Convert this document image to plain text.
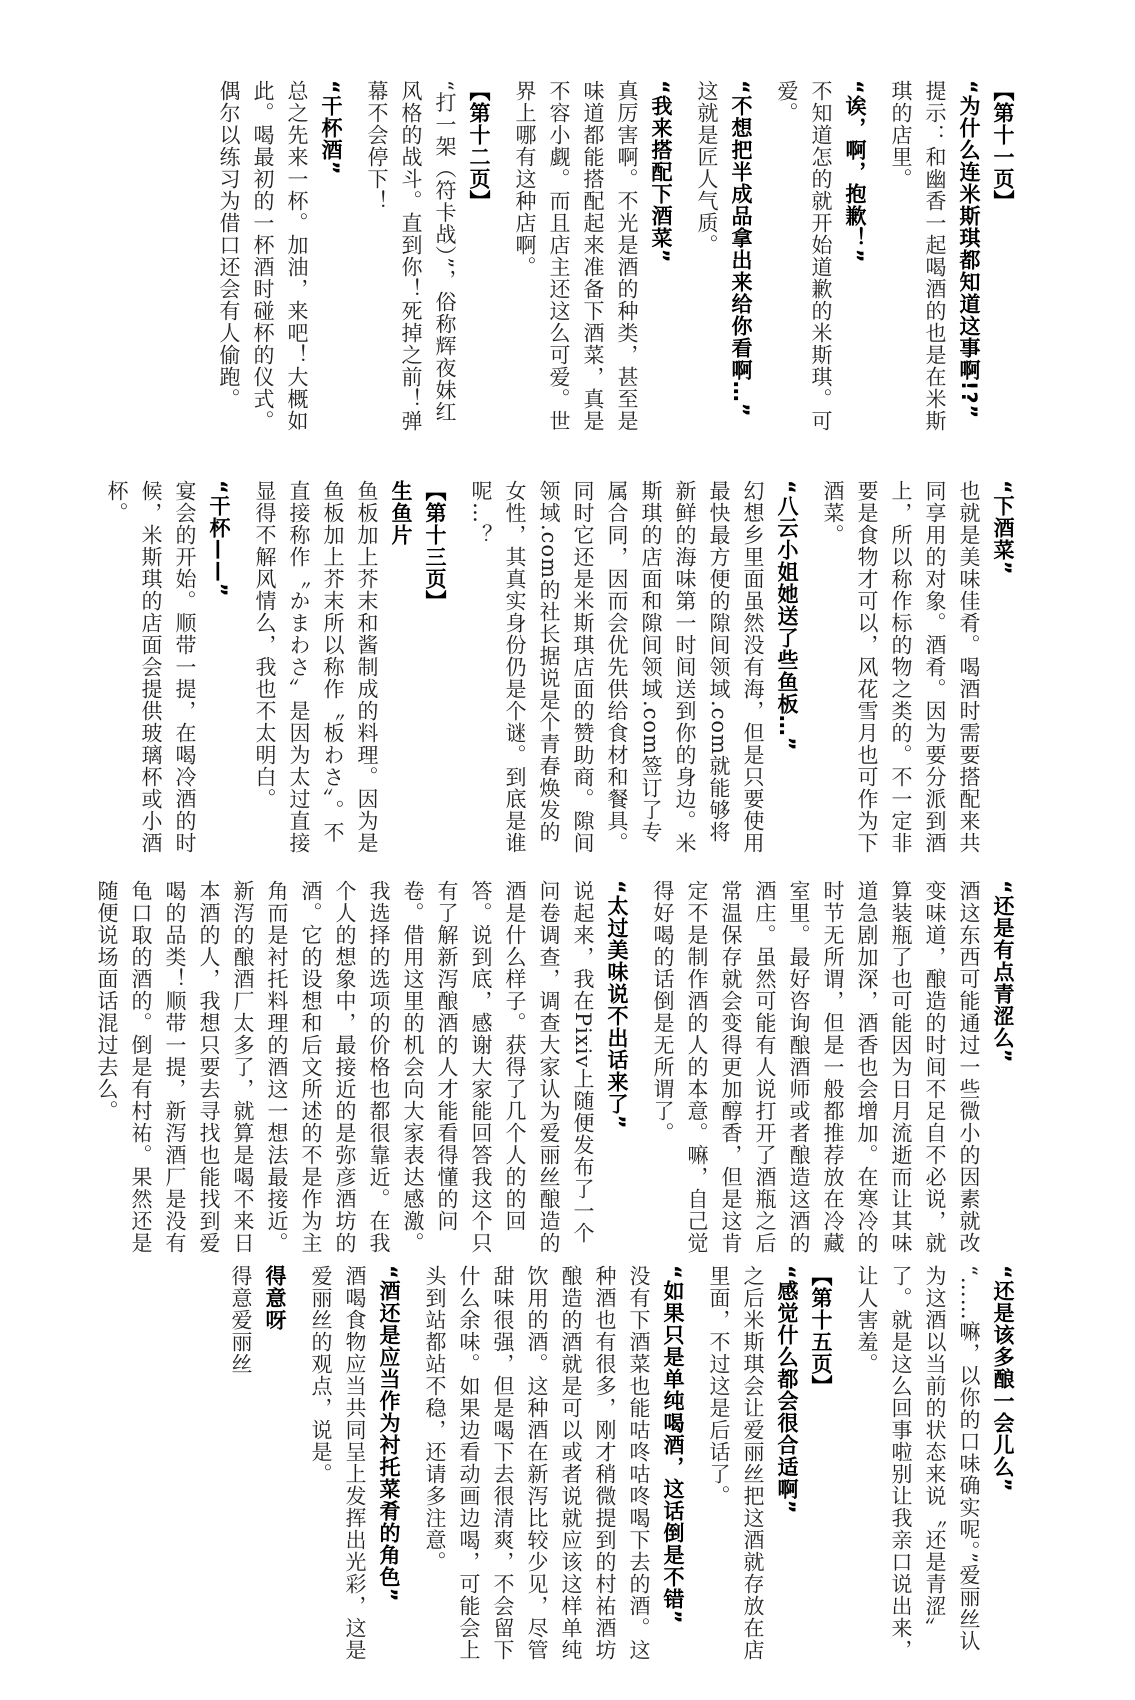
【第十一页】

“为什么连米斯琪都知道这事啊!?”

提示：和幽香一起喝酒的也是在米斯琪的店里。

“诶，啊，抱歉！”

不知道怎的就开始道歉的米斯琪。可爱。

“不想把半成品拿出来给你看啊…”

这就是匠人气质。

“我来搭配下酒菜”

真厉害啊。不光是酒的种类，甚至是味道都能搭配起来准备下酒菜，真是不容小觑。而且店主还这么可爱。世界上哪有这种店啊。

【第十二页】

“打一架（符卡战）”，俗称辉夜妹红风格的战斗。直到你！死掉之前！弹幕不会停下！

“干杯酒”

总之先来一杯。加油，来吧！大概如此。喝最初的一杯酒时碰杯的仪式。偶尔以练习为借口还会有人偷跑。

“下酒菜”

也就是美味佳肴。喝酒时需要搭配来共同享用的对象。酒肴。因为要分派到酒上，所以称作标的物之类的。不一定非要是食物才可以，风花雪月也可作为下酒菜。

“八云小姐她送了些鱼板…”

幻想乡里面虽然没有海，但是只要使用最快最方便的隙间领域.com就能够将新鲜的海味第一时间送到你的身边。米斯琪的店面和隙间领域.com签订了专属合同，因而会优先供给食材和餐具。同时它还是米斯琪店面的赞助商。隙间领域.com的社长据说是个青春焕发的女性，其真实身份仍是个谜。到底是谁呢…？

【第十三页】

生鱼片

鱼板加上芥末和酱制成的料理。因为是鱼板加上芥末所以称作〝板わさ〟。不直接称作〝かまわさ〟是因为太过直接显得不解风情么，我也不太明白。

“干杯——”

宴会的开始。顺带一提，在喝冷酒的时候，米斯琪的店面会提供玻璃杯或小酒杯。

“还是有点青涩么”

酒这东西可能通过一些微小的因素就改变味道，酿造的时间不足自不必说，就算装瓶了也可能因为日月流逝而让其味道急剧加深，酒香也会增加。在寒冷的时节无所谓，但是一般都推荐放在冷藏室里。最好咨询酿酒师或者酿造这酒的酒庄。虽然可能有人说打开了酒瓶之后常温保存就会变得更加醇香，但是这肯定不是制作酒的人的本意。嘛，自己觉得好喝的话倒是无所谓了。

“太过美味说不出话来了”

说起来，我在Pixiv上随便发布了一个问卷调查，调查大家认为爱丽丝酿造的酒是什么样子。获得了几个人的的回答。说到底，感谢大家能回答我这个只有了解新泻酿酒的人才能看得懂的问卷。借用这里的机会向大家表达感激。我选择的选项的价格也都很靠近。在我个人的想象中，最接近的是弥彦酒坊的酒。它的设想和后文所述的不是作为主角而是衬托料理的酒这一想法最接近。新泻的酿酒厂太多了，就算是喝不来日本酒的人，我想只要去寻找也能找到爱喝的品类！顺带一提，新泻酒厂是没有龟口取的酒的。倒是有村祐。果然还是随便说场面话混过去么。

“还是该多酿一会儿么”

“……嘛，以你的口味确实呢。”爱丽丝认为这酒以当前的状态来说〝还是青涩〟了。就是这么回事啦别让我亲口说出来，让人害羞。

【第十五页】

“感觉什么都会很合适啊”

之后米斯琪会让爱丽丝把这酒就存放在店里面，不过这是后话了。

“如果只是单纯喝酒，这话倒是不错”

没有下酒菜也能咕咚咕咚喝下去的酒。这种酒也有很多，刚才稍微提到的村祐酒坊酿造的酒就是可以或者说就应该这样单纯饮用的酒。这种酒在新泻比较少见，尽管甜味很强，但是喝下去很清爽，不会留下什么余味。如果边看动画边喝，可能会上头到站都站不稳，还请多注意。

“酒还是应当作为衬托菜肴的角色”

酒喝食物应当共同呈上发挥出光彩，这是爱丽丝的观点，说是。

得意呀

得意爱丽丝
